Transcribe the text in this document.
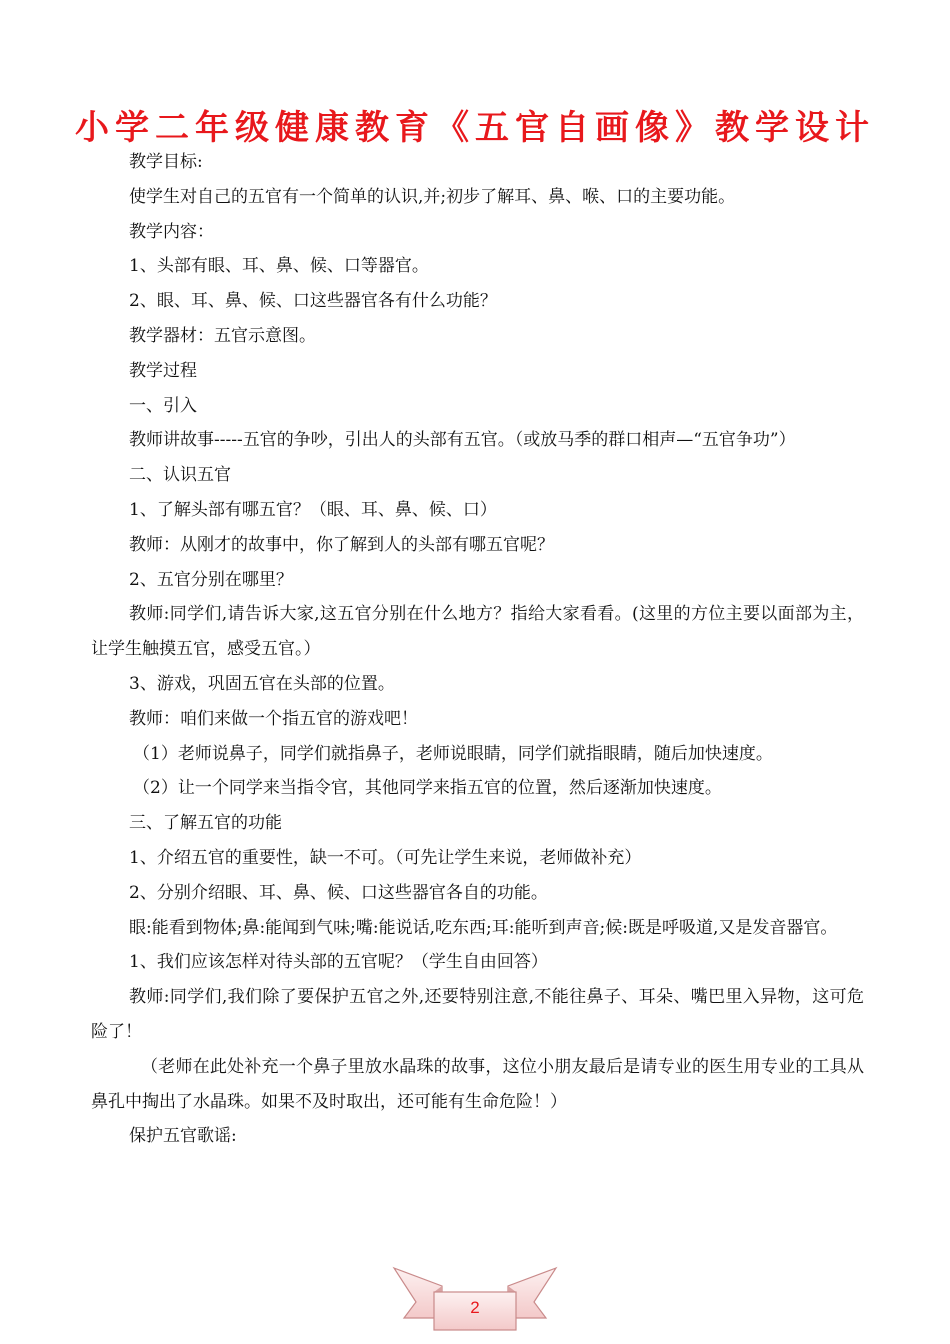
小学二年级健康教育《五官自画像》教学设计
教学目标:
使学生对自己的五官有一个简单的认识,并;初步了解耳、鼻、喉、口的主要功能。
教学内容：
1、头部有眼、耳、鼻、候、口等器官。
2、眼、耳、鼻、候、口这些器官各有什么功能？
教学器材：五官示意图。
教学过程
一、引入
教师讲故事-----五官的争吵，引出人的头部有五官。（或放马季的群口相声—“五官争功”）
二、认识五官
1、了解头部有哪五官？（眼、耳、鼻、候、口）
教师：从刚才的故事中，你了解到人的头部有哪五官呢？
2、五官分别在哪里？
教师:同学们,请告诉大家,这五官分别在什么地方？指给大家看看。(这里的方位主要以面部为主，让学生触摸五官，感受五官。）
3、游戏，巩固五官在头部的位置。
教师：咱们来做一个指五官的游戏吧！
（1）老师说鼻子，同学们就指鼻子，老师说眼睛，同学们就指眼睛，随后加快速度。
（2）让一个同学来当指令官，其他同学来指五官的位置，然后逐渐加快速度。
三、了解五官的功能
1、介绍五官的重要性，缺一不可。（可先让学生来说，老师做补充）
2、分别介绍眼、耳、鼻、候、口这些器官各自的功能。
眼:能看到物体;鼻:能闻到气味;嘴:能说话,吃东西;耳:能听到声音;候:既是呼吸道,又是发音器官。
1、我们应该怎样对待头部的五官呢？（学生自由回答）
教师:同学们,我们除了要保护五官之外,还要特别注意,不能往鼻子、耳朵、嘴巴里入异物，这可危险了！
（老师在此处补充一个鼻子里放水晶珠的故事，这位小朋友最后是请专业的医生用专业的工具从鼻孔中掏出了水晶珠。如果不及时取出，还可能有生命危险！）
保护五官歌谣:
2
